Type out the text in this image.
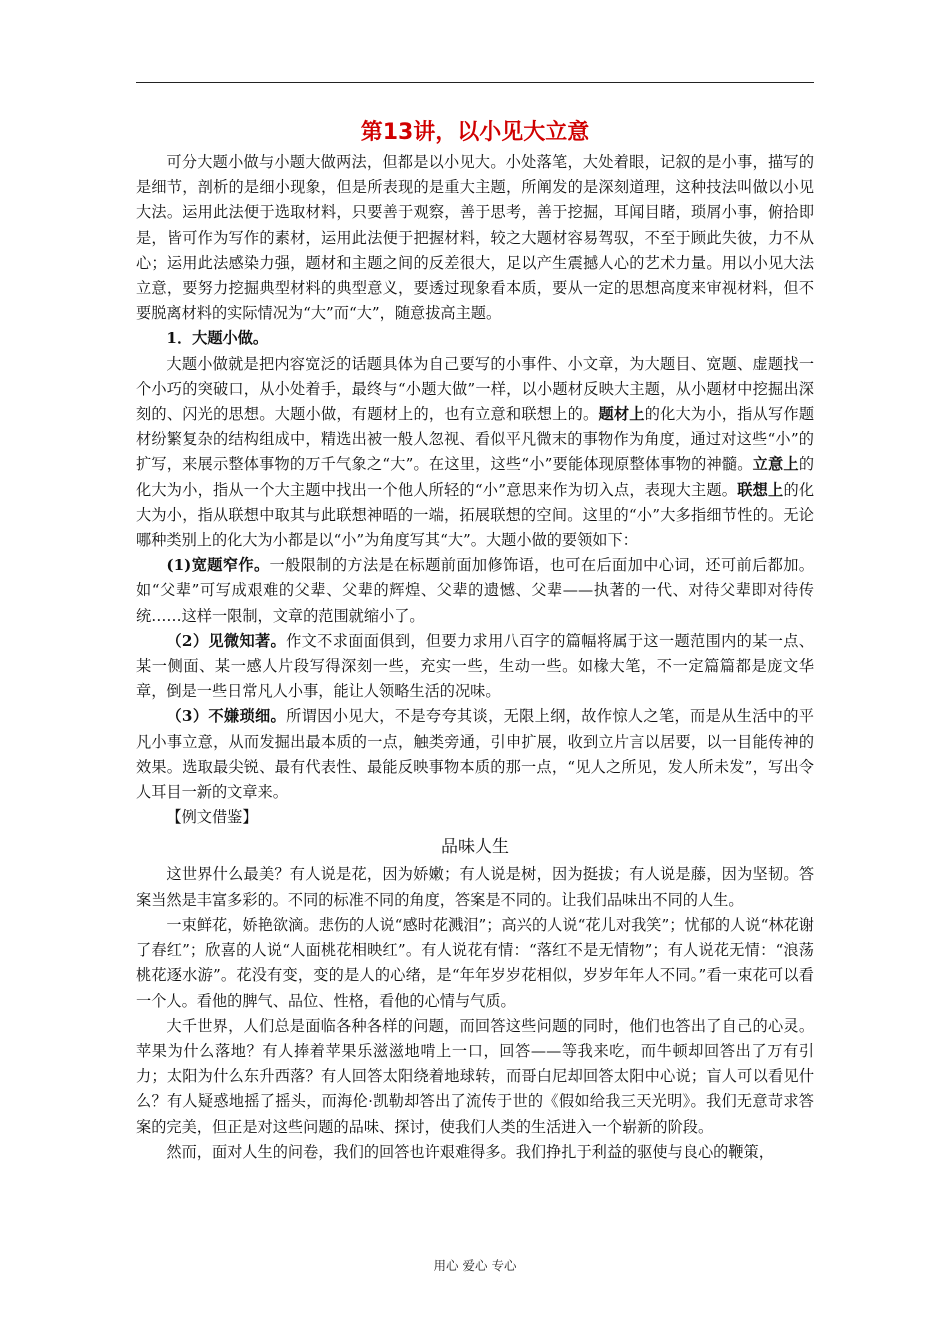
第13讲，以小见大立意

可分大题小做与小题大做两法，但都是以小见大。小处落笔，大处着眼，记叙的是小事，描写的是细节，剖析的是细小现象，但是所表现的是重大主题，所阐发的是深刻道理，这种技法叫做以小见大法。运用此法便于选取材料，只要善于观察，善于思考，善于挖掘，耳闻目睹，琐屑小事，俯拾即是，皆可作为写作的素材，运用此法便于把握材料，较之大题材容易驾驭，不至于顾此失彼，力不从心；运用此法感染力强，题材和主题之间的反差很大，足以产生震撼人心的艺术力量。用以小见大法立意，要努力挖掘典型材料的典型意义，要透过现象看本质，要从一定的思想高度来审视材料，但不要脱离材料的实际情况为“大”而“大”，随意拔高主题。

1．大题小做。

大题小做就是把内容宽泛的话题具体为自己要写的小事件、小文章，为大题目、宽题、虚题找一个小巧的突破口，从小处着手，最终与“小题大做”一样，以小题材反映大主题，从小题材中挖掘出深刻的、闪光的思想。大题小做，有题材上的，也有立意和联想上的。题材上的化大为小，指从写作题材纷繁复杂的结构组成中，精选出被一般人忽视、看似平凡微末的事物作为角度，通过对这些“小”的扩写，来展示整体事物的万千气象之“大”。在这里，这些“小”要能体现原整体事物的神髓。立意上的化大为小，指从一个大主题中找出一个他人所轻的“小”意思来作为切入点，表现大主题。联想上的化大为小，指从联想中取其与此联想神晤的一端，拓展联想的空间。这里的“小”大多指细节性的。无论哪种类别上的化大为小都是以“小”为角度写其“大”。大题小做的要领如下：

(1)宽题窄作。一般限制的方法是在标题前面加修饰语，也可在后面加中心词，还可前后都加。如“父辈”可写成艰难的父辈、父辈的辉煌、父辈的遗憾、父辈——执著的一代、对待父辈即对待传统……这样一限制，文章的范围就缩小了。

（2）见微知著。作文不求面面俱到，但要力求用八百字的篇幅将属于这一题范围内的某一点、某一侧面、某一感人片段写得深刻一些，充实一些，生动一些。如椽大笔，不一定篇篇都是庞文华章，倒是一些日常凡人小事，能让人领略生活的况味。

（3）不嫌琐细。所谓因小见大，不是夸夸其谈，无限上纲，故作惊人之笔，而是从生活中的平凡小事立意，从而发掘出最本质的一点，触类旁通，引申扩展，收到立片言以居要，以一目能传神的效果。选取最尖锐、最有代表性、最能反映事物本质的那一点，“见人之所见，发人所未发”，写出令人耳目一新的文章来。

【例文借鉴】

品味人生

这世界什么最美？有人说是花，因为娇嫩；有人说是树，因为挺拔；有人说是藤，因为坚韧。答案当然是丰富多彩的。不同的标准不同的角度，答案是不同的。让我们品味出不同的人生。

一束鲜花，娇艳欲滴。悲伤的人说“感时花溅泪”；高兴的人说“花儿对我笑”；忧郁的人说“林花谢了春红”；欣喜的人说“人面桃花相映红”。有人说花有情：“落红不是无情物”；有人说花无情：“浪荡桃花逐水游”。花没有变，变的是人的心绪，是“年年岁岁花相似，岁岁年年人不同。”看一束花可以看一个人。看他的脾气、品位、性格，看他的心情与气质。

大千世界，人们总是面临各种各样的问题，而回答这些问题的同时，他们也答出了自己的心灵。苹果为什么落地？有人捧着苹果乐滋滋地啃上一口，回答——等我来吃，而牛顿却回答出了万有引力；太阳为什么东升西落？有人回答太阳绕着地球转，而哥白尼却回答太阳中心说；盲人可以看见什么？有人疑惑地摇了摇头，而海伦·凯勒却答出了流传于世的《假如给我三天光明》。我们无意苛求答案的完美，但正是对这些问题的品味、探讨，使我们人类的生活进入一个崭新的阶段。

然而，面对人生的问卷，我们的回答也许艰难得多。我们挣扎于利益的驱使与良心的鞭策，

用心 爱心 专心
